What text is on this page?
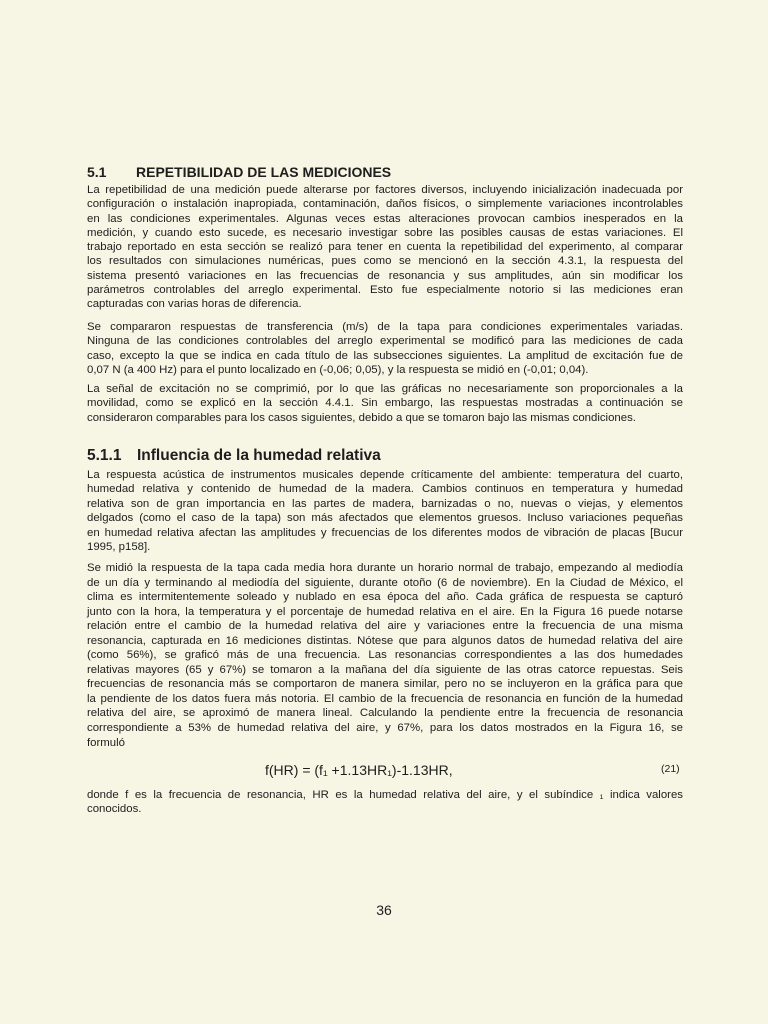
5.1 REPETIBILIDAD DE LAS MEDICIONES
La repetibilidad de una medición puede alterarse por factores diversos, incluyendo inicialización inadecuada por
configuración o instalación inapropiada, contaminación, daños físicos, o simplemente variaciones incontrolables
en las condiciones experimentales. Algunas veces estas alteraciones provocan cambios inesperados en la
medición, y cuando esto sucede, es necesario investigar sobre las posibles causas de estas variaciones. El
trabajo reportado en esta sección se realizó para tener en cuenta la repetibilidad del experimento, al comparar
los resultados con simulaciones numéricas, pues como se mencionó en la sección 4.3.1, la respuesta del
sistema presentó variaciones en las frecuencias de resonancia y sus amplitudes, aún sin modificar los
parámetros controlables del arreglo experimental. Esto fue especialmente notorio si las mediciones eran
capturadas con varias horas de diferencia.
Se compararon respuestas de transferencia (m/s) de la tapa para condiciones experimentales variadas.
Ninguna de las condiciones controlables del arreglo experimental se modificó para las mediciones de cada
caso, excepto la que se indica en cada título de las subsecciones siguientes. La amplitud de excitación fue de
0,07 N (a 400 Hz) para el punto localizado en (-0,06; 0,05), y la respuesta se midió en (-0,01; 0,04).
La señal de excitación no se comprimió, por lo que las gráficas no necesariamente son proporcionales a la
movilidad, como se explicó en la sección 4.4.1. Sin embargo, las respuestas mostradas a continuación se
consideraron comparables para los casos siguientes, debido a que se tomaron bajo las mismas condiciones.
5.1.1 Influencia de la humedad relativa
La respuesta acústica de instrumentos musicales depende críticamente del ambiente: temperatura del cuarto,
humedad relativa y contenido de humedad de la madera. Cambios continuos en temperatura y humedad
relativa son de gran importancia en las partes de madera, barnizadas o no, nuevas o viejas, y elementos
delgados (como el caso de la tapa) son más afectados que elementos gruesos. Incluso variaciones pequeñas
en humedad relativa afectan las amplitudes y frecuencias de los diferentes modos de vibración de placas [Bucur
1995, p158].
Se midió la respuesta de la tapa cada media hora durante un horario normal de trabajo, empezando al mediodía
de un día y terminando al mediodía del siguiente, durante otoño (6 de noviembre). En la Ciudad de México, el
clima es intermitentemente soleado y nublado en esa época del año. Cada gráfica de respuesta se capturó
junto con la hora, la temperatura y el porcentaje de humedad relativa en el aire. En la Figura 16 puede notarse
relación entre el cambio de la humedad relativa del aire y variaciones entre la frecuencia de una misma
resonancia, capturada en 16 mediciones distintas. Nótese que para algunos datos de humedad relativa del aire
(como 56%), se graficó más de una frecuencia. Las resonancias correspondientes a las dos humedades
relativas mayores (65 y 67%) se tomaron a la mañana del día siguiente de las otras catorce repuestas. Seis
frecuencias de resonancia más se comportaron de manera similar, pero no se incluyeron en la gráfica para que
la pendiente de los datos fuera más notoria. El cambio de la frecuencia de resonancia en función de la humedad
relativa del aire, se aproximó de manera lineal. Calculando la pendiente entre la frecuencia de resonancia
correspondiente a 53% de humedad relativa del aire, y 67%, para los datos mostrados en la Figura 16, se
formuló
f(HR) = (f₁ +1.13HR₁)-1.13HR,	(21)
donde f es la frecuencia de resonancia, HR es la humedad relativa del aire, y el subíndice ₁ indica valores
conocidos.
36
